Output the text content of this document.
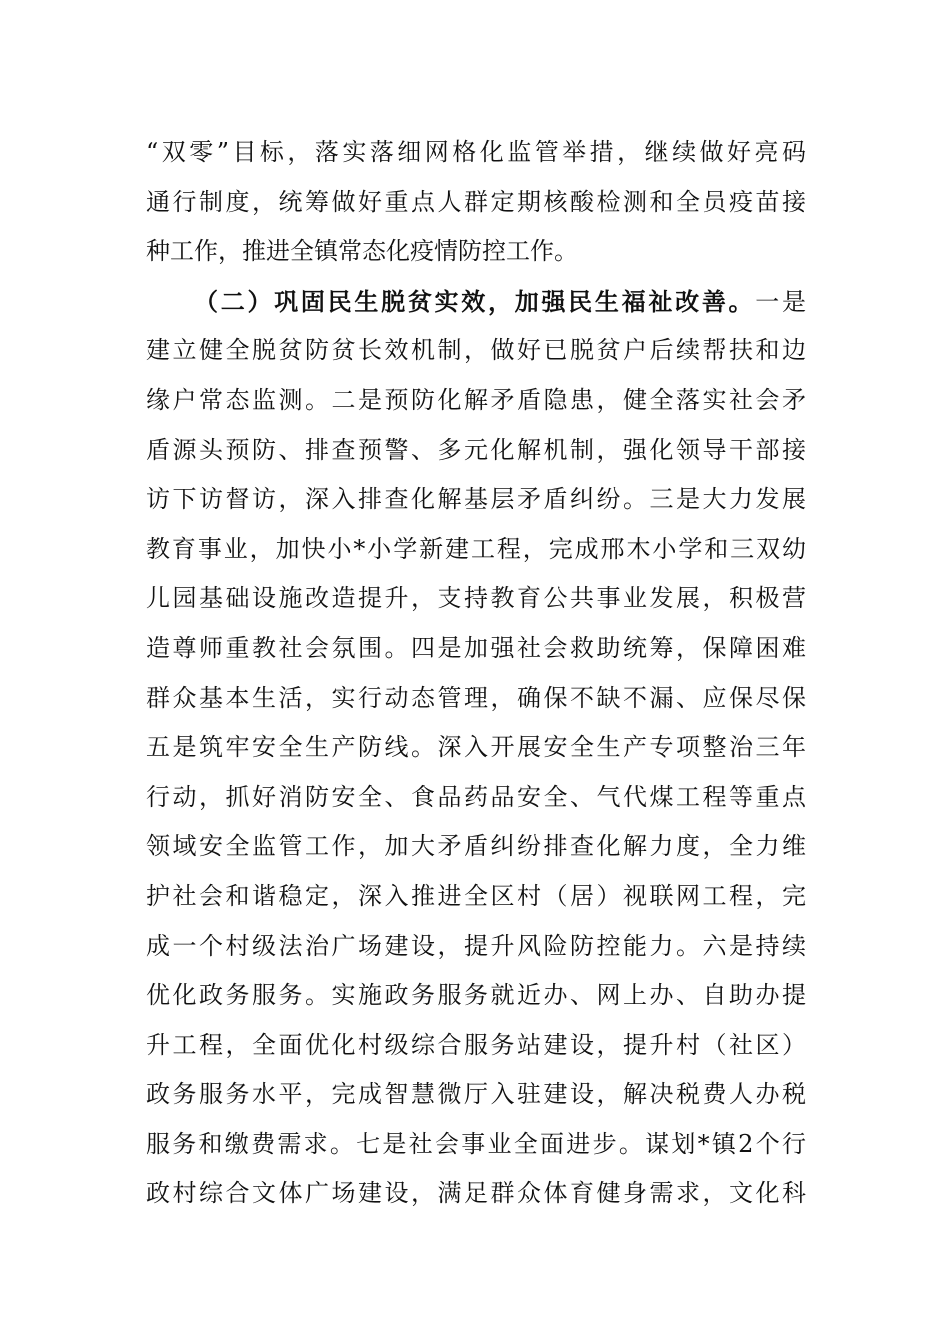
“双零”目标，落实落细网格化监管举措，继续做好亮码
通行制度，统筹做好重点人群定期核酸检测和全员疫苗接
种工作，推进全镇常态化疫情防控工作。
（二）巩固民生脱贫实效，加强民生福祉改善。一是
建立健全脱贫防贫长效机制，做好已脱贫户后续帮扶和边
缘户常态监测。二是预防化解矛盾隐患，健全落实社会矛
盾源头预防、排查预警、多元化解机制，强化领导干部接
访下访督访，深入排查化解基层矛盾纠纷。三是大力发展
教育事业，加快小*小学新建工程，完成邢木小学和三双幼
儿园基础设施改造提升，支持教育公共事业发展，积极营
造尊师重教社会氛围。四是加强社会救助统筹，保障困难
群众基本生活，实行动态管理，确保不缺不漏、应保尽保
五是筑牢安全生产防线。深入开展安全生产专项整治三年
行动，抓好消防安全、食品药品安全、气代煤工程等重点
领域安全监管工作，加大矛盾纠纷排查化解力度，全力维
护社会和谐稳定，深入推进全区村（居）视联网工程，完
成一个村级法治广场建设，提升风险防控能力。六是持续
优化政务服务。实施政务服务就近办、网上办、自助办提
升工程，全面优化村级综合服务站建设，提升村（社区）
政务服务水平，完成智慧微厅入驻建设，解决税费人办税
服务和缴费需求。七是社会事业全面进步。谋划*镇2个行
政村综合文体广场建设，满足群众体育健身需求，文化科
